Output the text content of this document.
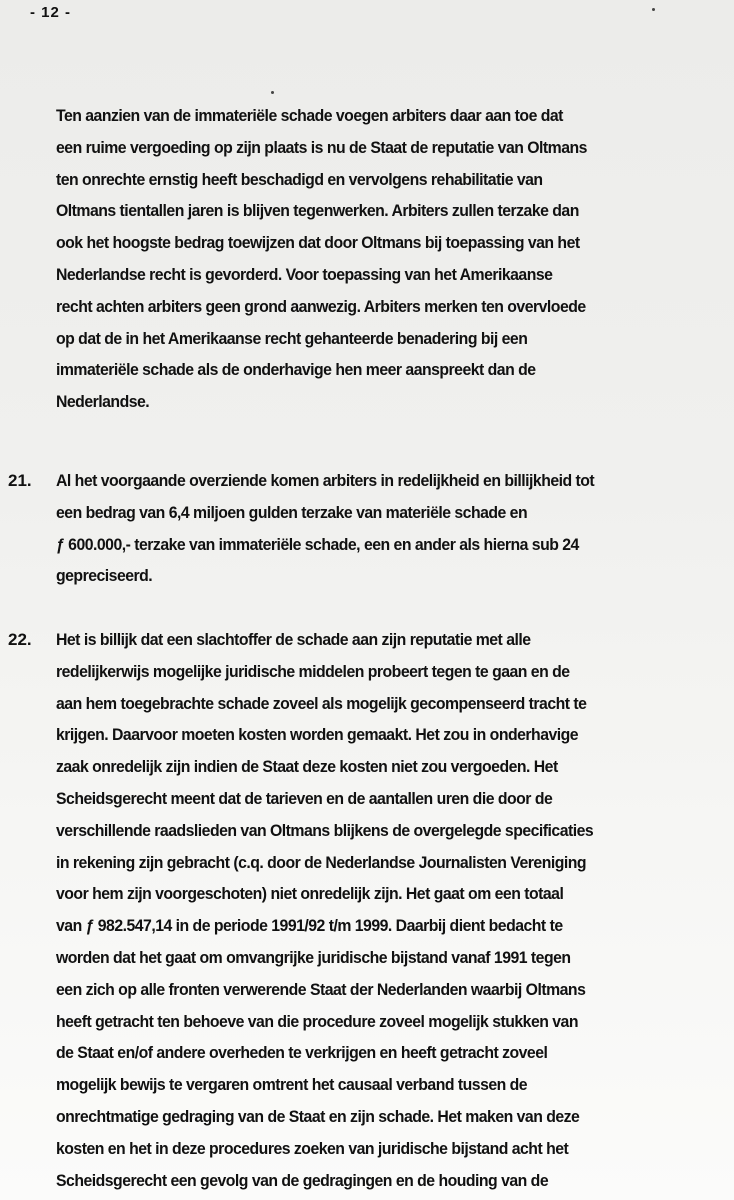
- 12 -

Ten aanzien van de immateriële schade voegen arbiters daar aan toe dat
een ruime vergoeding op zijn plaats is nu de Staat de reputatie van Oltmans
ten onrechte ernstig heeft beschadigd en vervolgens rehabilitatie van
Oltmans tientallen jaren is blijven tegenwerken. Arbiters zullen terzake dan
ook het hoogste bedrag toewijzen dat door Oltmans bij toepassing van het
Nederlandse recht is gevorderd. Voor toepassing van het Amerikaanse
recht achten arbiters geen grond aanwezig. Arbiters merken ten overvloede
op dat de in het Amerikaanse recht gehanteerde benadering bij een
immateriële schade als de onderhavige hen meer aanspreekt dan de
Nederlandse.

21. Al het voorgaande overziende komen arbiters in redelijkheid en billijkheid tot
een bedrag van 6,4 miljoen gulden terzake van materiële schade en
ƒ 600.000,- terzake van immateriële schade, een en ander als hierna sub 24
gepreciseerd.

22. Het is billijk dat een slachtoffer de schade aan zijn reputatie met alle
redelijkerwijs mogelijke juridische middelen probeert tegen te gaan en de
aan hem toegebrachte schade zoveel als mogelijk gecompenseerd tracht te
krijgen. Daarvoor moeten kosten worden gemaakt. Het zou in onderhavige
zaak onredelijk zijn indien de Staat deze kosten niet zou vergoeden. Het
Scheidsgerecht meent dat de tarieven en de aantallen uren die door de
verschillende raadslieden van Oltmans blijkens de overgelegde specificaties
in rekening zijn gebracht (c.q. door de Nederlandse Journalisten Vereniging
voor hem zijn voorgeschoten) niet onredelijk zijn. Het gaat om een totaal
van ƒ 982.547,14 in de periode 1991/92 t/m 1999. Daarbij dient bedacht te
worden dat het gaat om omvangrijke juridische bijstand vanaf 1991 tegen
een zich op alle fronten verwerende Staat der Nederlanden waarbij Oltmans
heeft getracht ten behoeve van die procedure zoveel mogelijk stukken van
de Staat en/of andere overheden te verkrijgen en heeft getracht zoveel
mogelijk bewijs te vergaren omtrent het causaal verband tussen de
onrechtmatige gedraging van de Staat en zijn schade. Het maken van deze
kosten en het in deze procedures zoeken van juridische bijstand acht het
Scheidsgerecht een gevolg van de gedragingen en de houding van de
